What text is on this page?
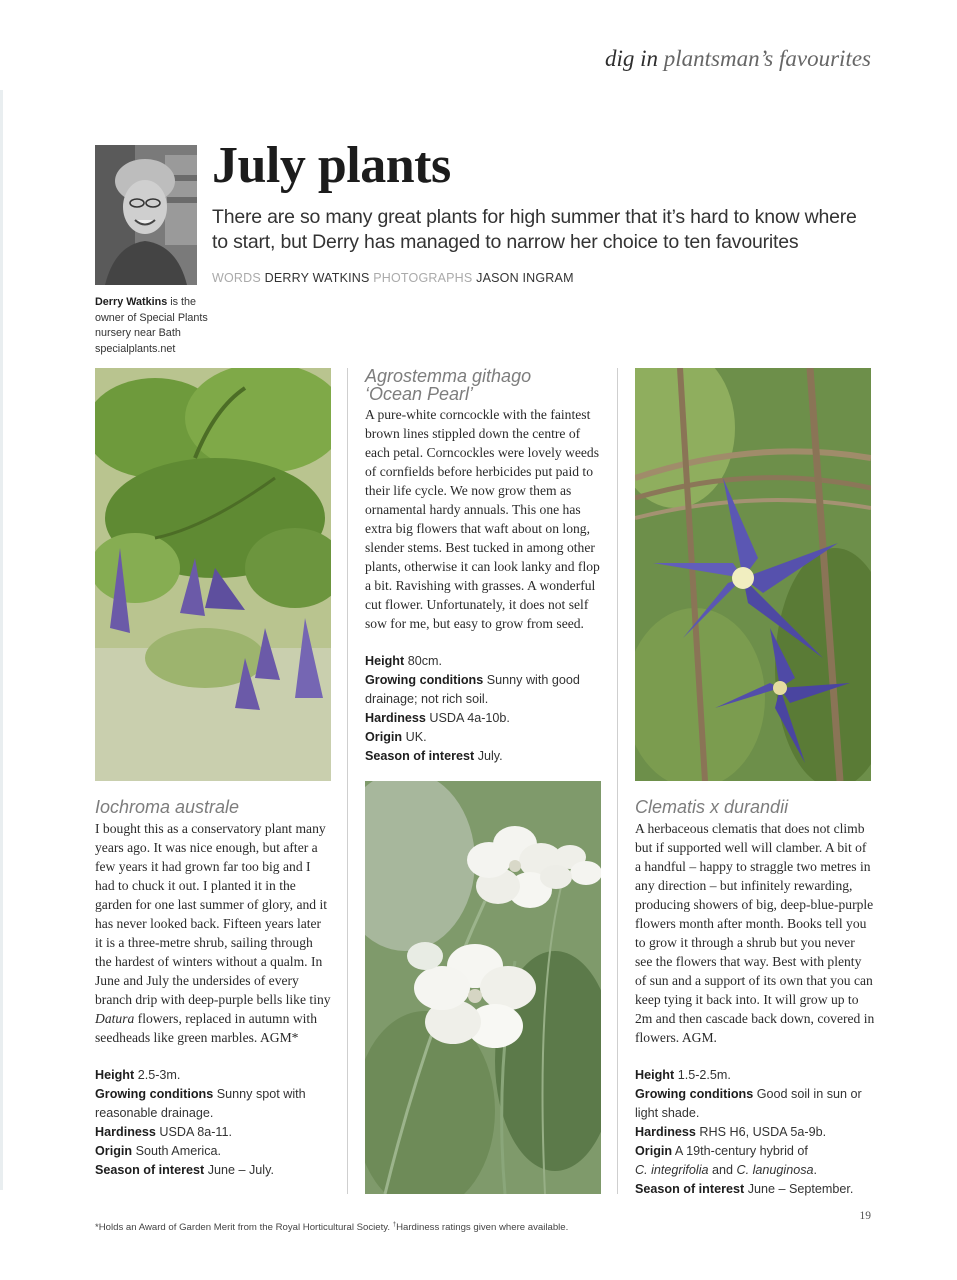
dig in plantsman’s favourites
July plants
There are so many great plants for high summer that it’s hard to know where to start, but Derry has managed to narrow her choice to ten favourites
WORDS DERRY WATKINS PHOTOGRAPHS JASON INGRAM
Derry Watkins is the owner of Special Plants nursery near Bath
specialplants.net
Agrostemma githago
‘Ocean Pearl’
A pure-white corncockle with the faintest brown lines stippled down the centre of each petal. Corncockles were lovely weeds of cornfields before herbicides put paid to their life cycle. We now grow them as ornamental hardy annuals. This one has extra big flowers that waft about on long, slender stems. Best tucked in among other plants, otherwise it can look lanky and flop a bit. Ravishing with grasses. A wonderful cut flower. Unfortunately, it does not self sow for me, but easy to grow from seed.
Height 80cm.
Growing conditions Sunny with good drainage; not rich soil.
Hardiness USDA 4a-10b.
Origin UK.
Season of interest July.
Iochroma australe
I bought this as a conservatory plant many years ago. It was nice enough, but after a few years it had grown far too big and I had to chuck it out. I planted it in the garden for one last summer of glory, and it has never looked back. Fifteen years later it is a three-metre shrub, sailing through the hardest of winters without a qualm. In June and July the undersides of every branch drip with deep-purple bells like tiny Datura flowers, replaced in autumn with seedheads like green marbles. AGM*
Height 2.5-3m.
Growing conditions Sunny spot with reasonable drainage.
Hardiness USDA 8a-11.
Origin South America.
Season of interest June – July.
Clematis x durandii
A herbaceous clematis that does not climb but if supported well will clamber. A bit of a handful – happy to straggle two metres in any direction – but infinitely rewarding, producing showers of big, deep-blue-purple flowers month after month. Books tell you to grow it through a shrub but you never see the flowers that way. Best with plenty of sun and a support of its own that you can keep tying it back into. It will grow up to 2m and then cascade back down, covered in flowers. AGM.
Height 1.5-2.5m.
Growing conditions Good soil in sun or light shade.
Hardiness RHS H6, USDA 5a-9b.
Origin A 19th-century hybrid of
C. integrifolia and C. lanuginosa.
Season of interest June – September.
19
*Holds an Award of Garden Merit from the Royal Horticultural Society. †Hardiness ratings given where available.
